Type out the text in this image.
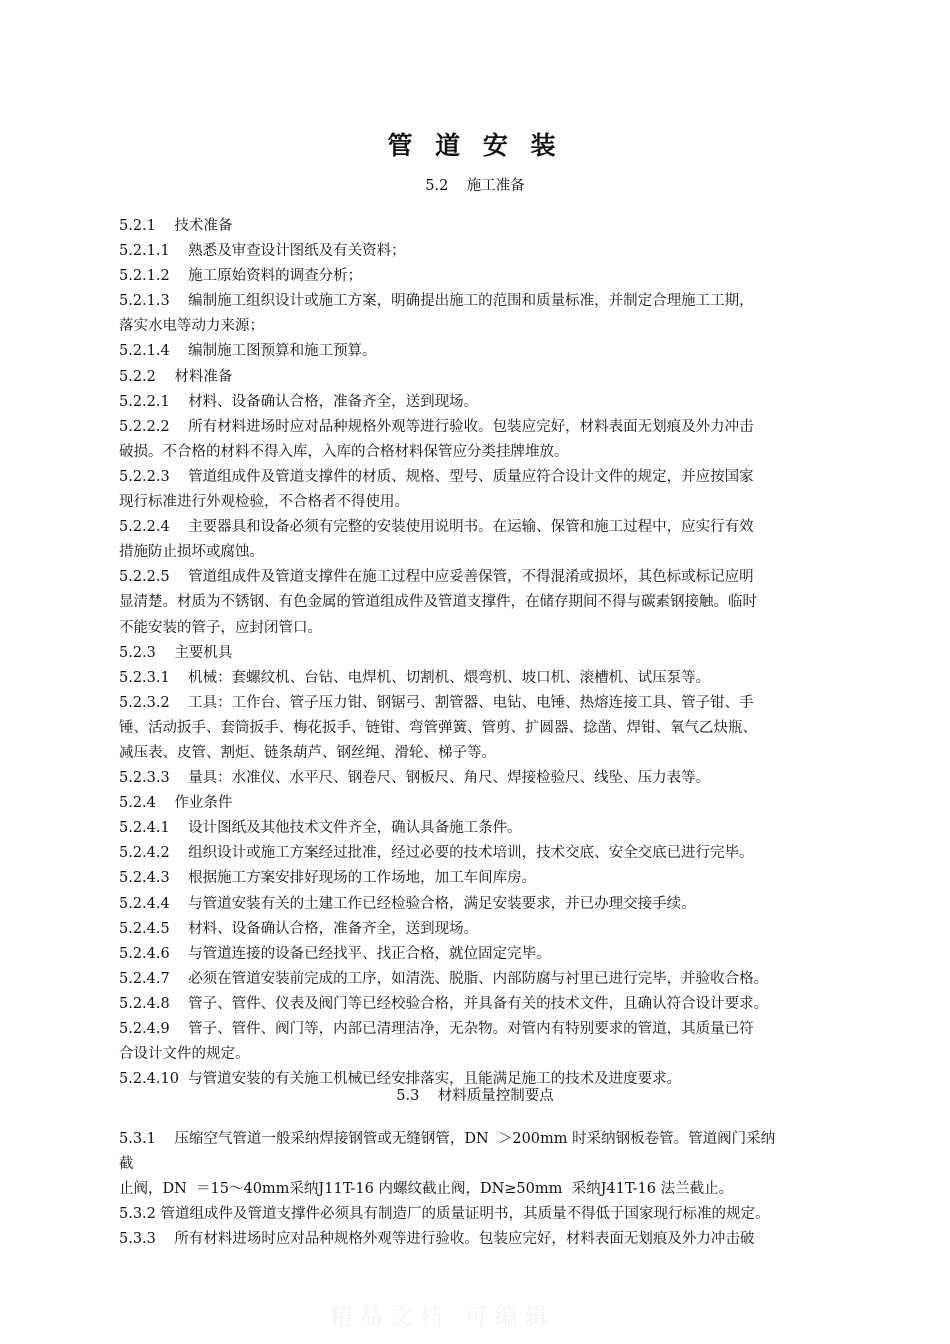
管 道 安 装
5.2    施工准备
5.2.1    技术准备
5.2.1.1    熟悉及审查设计图纸及有关资料；
5.2.1.2    施工原始资料的调查分析；
5.2.1.3    编制施工组织设计或施工方案，明确提出施工的范围和质量标准，并制定合理施工工期，
落实水电等动力来源；
5.2.1.4    编制施工图预算和施工预算。
5.2.2    材料准备
5.2.2.1    材料、设备确认合格，准备齐全，送到现场。
5.2.2.2    所有材料进场时应对品种规格外观等进行验收。包装应完好，材料表面无划痕及外力冲击
破损。不合格的材料不得入库，入库的合格材料保管应分类挂牌堆放。
5.2.2.3    管道组成件及管道支撑件的材质、规格、型号、质量应符合设计文件的规定，并应按国家
现行标准进行外观检验，不合格者不得使用。
5.2.2.4    主要器具和设备必须有完整的安装使用说明书。在运输、保管和施工过程中，应实行有效
措施防止损坏或腐蚀。
5.2.2.5    管道组成件及管道支撑件在施工过程中应妥善保管，不得混淆或损坏，其色标或标记应明
显清楚。材质为不锈钢、有色金属的管道组成件及管道支撑件，在储存期间不得与碳素钢接触。临时
不能安装的管子，应封闭管口。
5.2.3    主要机具
5.2.3.1    机械：套螺纹机、台钻、电焊机、切割机、煨弯机、坡口机、滚槽机、试压泵等。
5.2.3.2    工具：工作台、管子压力钳、钢锯弓、割管器、电钻、电锤、热熔连接工具、管子钳、手
锤、活动扳手、套筒扳手、梅花扳手、链钳、弯管弹簧、管剪、扩圆器、捻凿、焊钳、氧气乙炔瓶、
减压表、皮管、割炬、链条葫芦、钢丝绳、滑轮、梯子等。
5.2.3.3    量具：水准仪、水平尺、钢卷尺、钢板尺、角尺、焊接检验尺、线坠、压力表等。
5.2.4    作业条件
5.2.4.1    设计图纸及其他技术文件齐全，确认具备施工条件。
5.2.4.2    组织设计或施工方案经过批准，经过必要的技术培训，技术交底、安全交底已进行完毕。
5.2.4.3    根据施工方案安排好现场的工作场地，加工车间库房。
5.2.4.4    与管道安装有关的土建工作已经检验合格，满足安装要求，并已办理交接手续。
5.2.4.5    材料、设备确认合格，准备齐全，送到现场。
5.2.4.6    与管道连接的设备已经找平、找正合格，就位固定完毕。
5.2.4.7    必须在管道安装前完成的工序，如清洗、脱脂、内部防腐与衬里已进行完毕，并验收合格。
5.2.4.8    管子、管件、仪表及阀门等已经校验合格，并具备有关的技术文件，且确认符合设计要求。
5.2.4.9    管子、管件、阀门等，内部已清理洁净，无杂物。对管内有特别要求的管道，其质量已符
合设计文件的规定。
5.2.4.10  与管道安装的有关施工机械已经安排落实，且能满足施工的技术及进度要求。
5.3    材料质量控制要点
5.3.1    压缩空气管道一般采纳焊接钢管或无缝钢管，DN  ＞200mm 时采纳钢板卷管。管道阀门采纳
截
止阀，DN  ＝15～40mm采纳J11T-16 内螺纹截止阀，DN≥50mm  采纳J41T-16 法兰截止。
5.3.2 管道组成件及管道支撑件必须具有制造厂的质量证明书，其质量不得低于国家现行标准的规定。
5.3.3    所有材料进场时应对品种规格外观等进行验收。包装应完好，材料表面无划痕及外力冲击破
精品文档 可编辑
